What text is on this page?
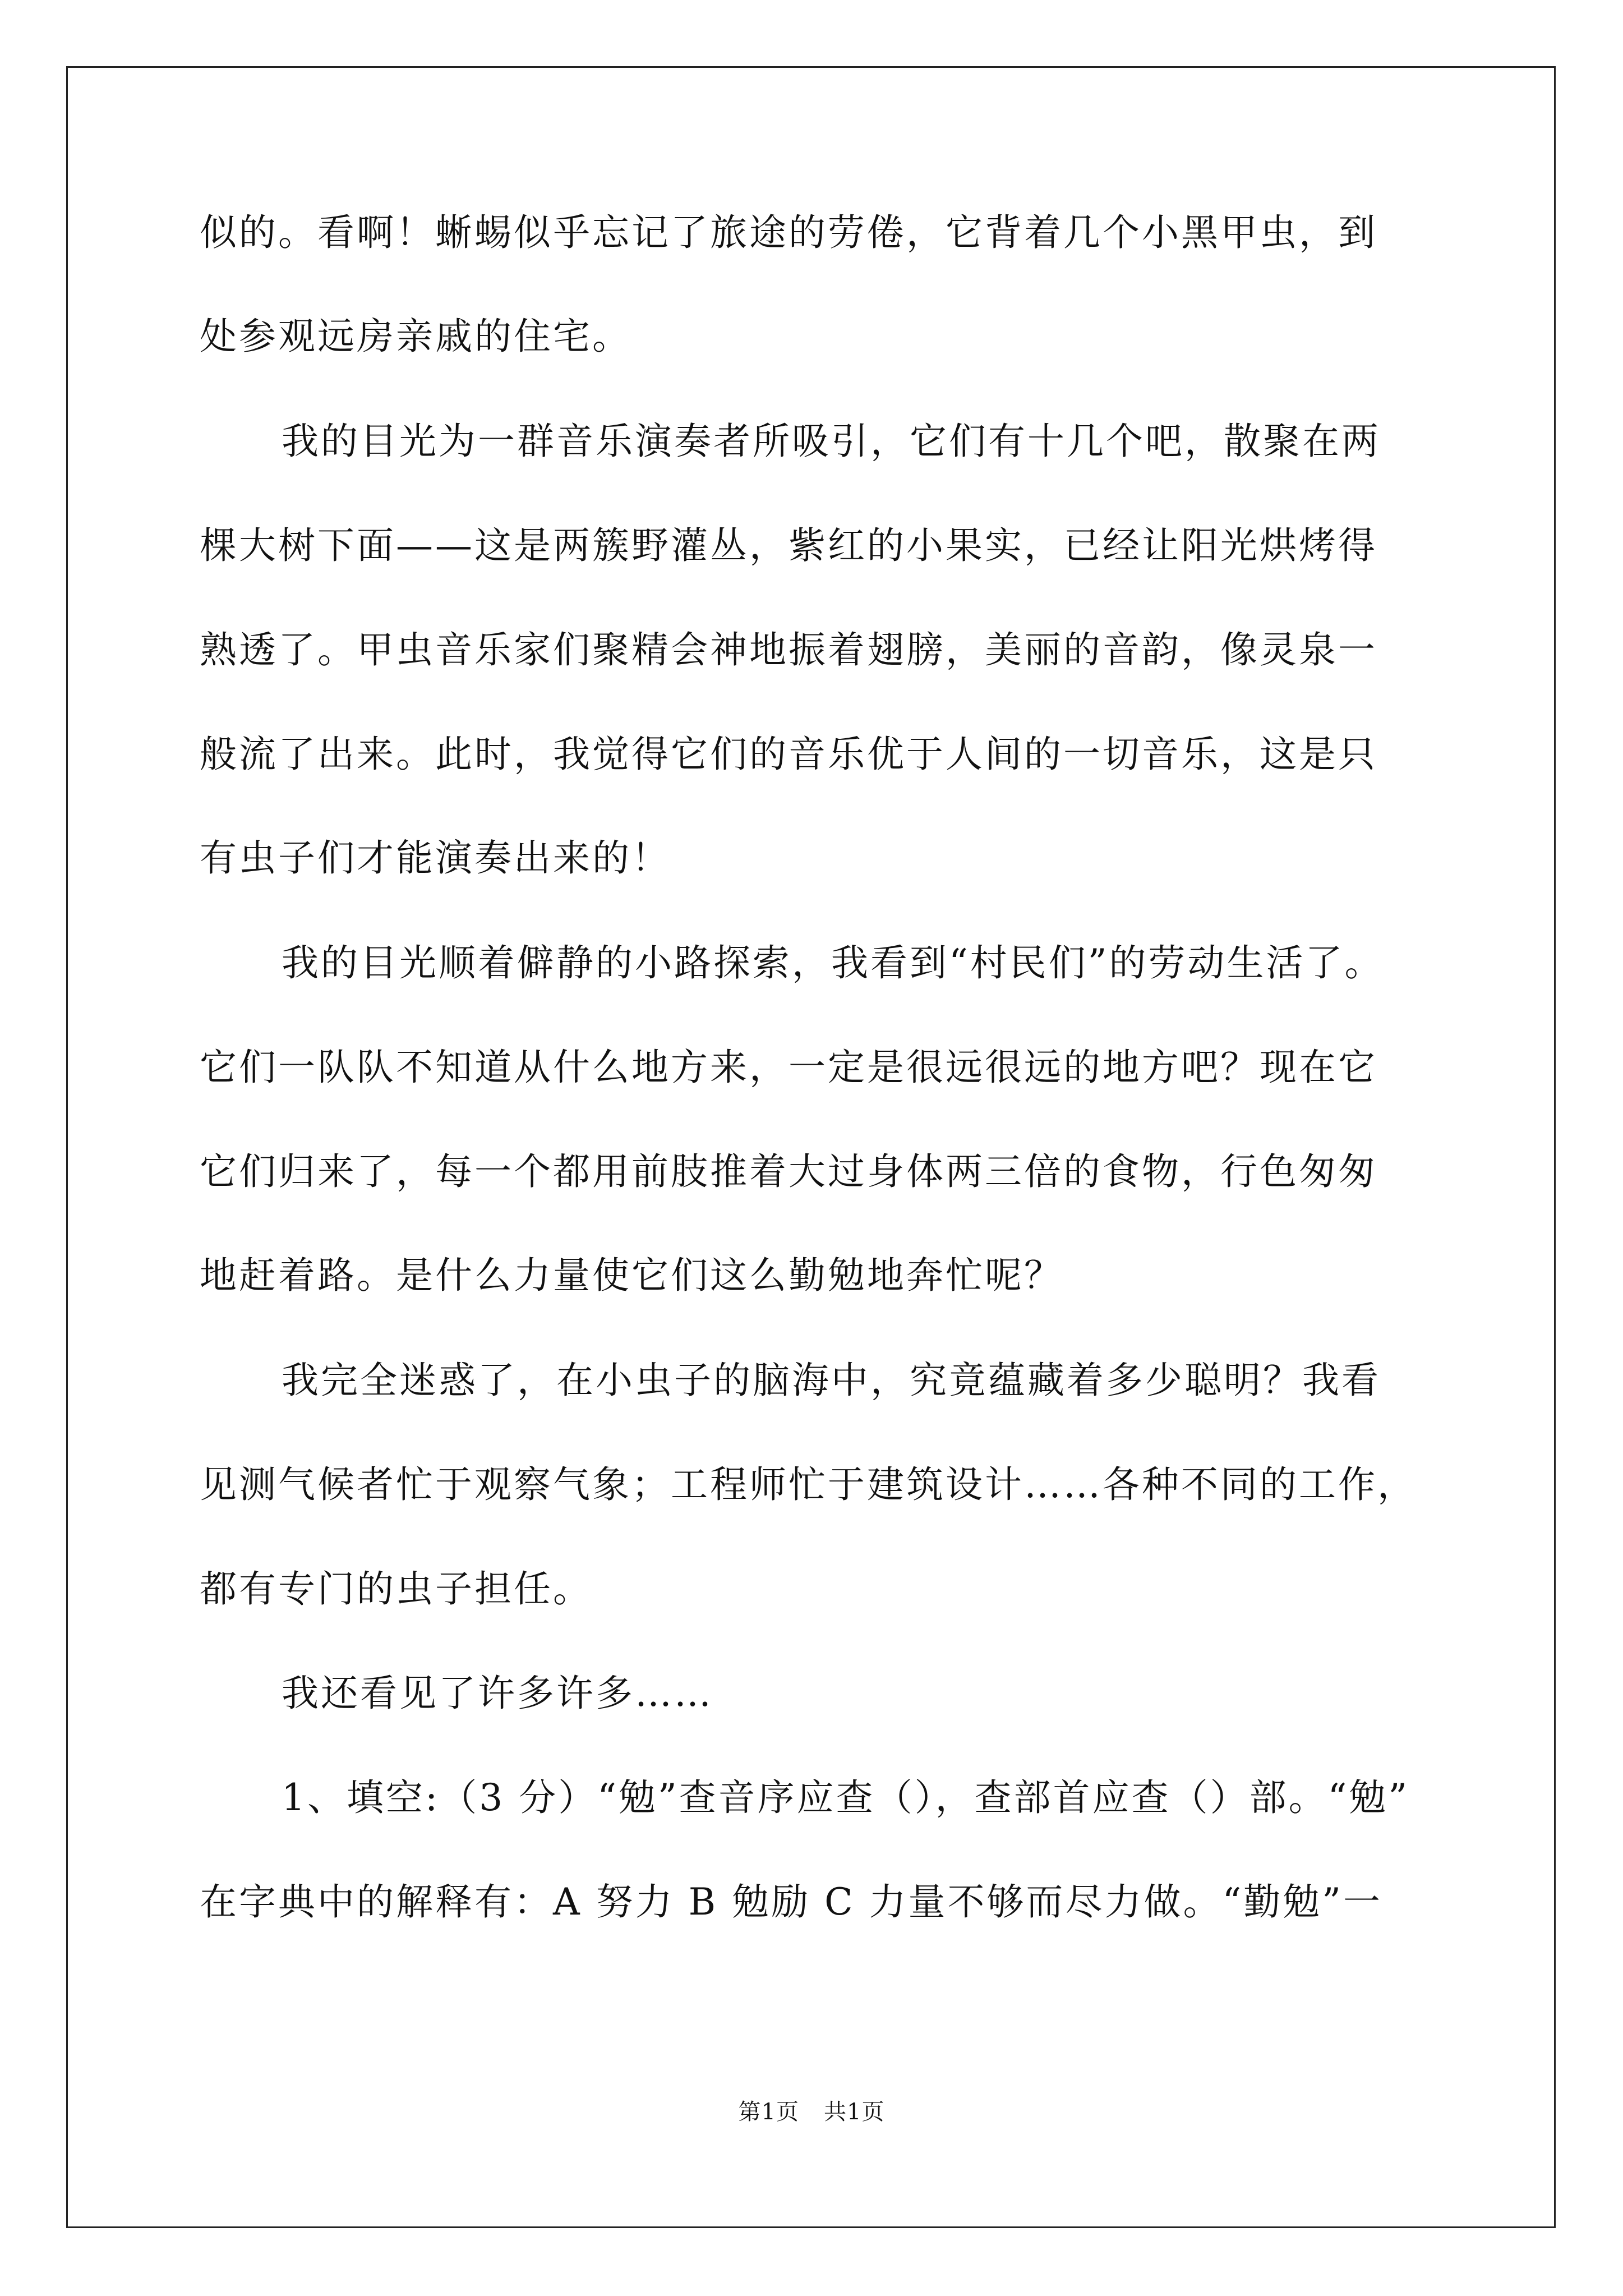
似的。看啊！蜥蜴似乎忘记了旅途的劳倦，它背着几个小黑甲虫，到
处参观远房亲戚的住宅。
我的目光为一群音乐演奏者所吸引，它们有十几个吧，散聚在两
棵大树下面——这是两簇野灌丛，紫红的小果实，已经让阳光烘烤得
熟透了。甲虫音乐家们聚精会神地振着翅膀，美丽的音韵，像灵泉一
般流了出来。此时，我觉得它们的音乐优于人间的一切音乐，这是只
有虫子们才能演奏出来的！
我的目光顺着僻静的小路探索，我看到“村民们”的劳动生活了。
它们一队队不知道从什么地方来，一定是很远很远的地方吧？现在它
它们归来了，每一个都用前肢推着大过身体两三倍的食物，行色匆匆
地赶着路。是什么力量使它们这么勤勉地奔忙呢？
我完全迷惑了，在小虫子的脑海中，究竟蕴藏着多少聪明？我看
见测气候者忙于观察气象；工程师忙于建筑设计……各种不同的工作，
都有专门的虫子担任。
我还看见了许多许多……
1、填空:（3 分）“勉”查音序应查（），查部首应查（）部。“勉”
在字典中的解释有：A 努力 B 勉励 C 力量不够而尽力做。“勤勉”一
第1页 共1页
